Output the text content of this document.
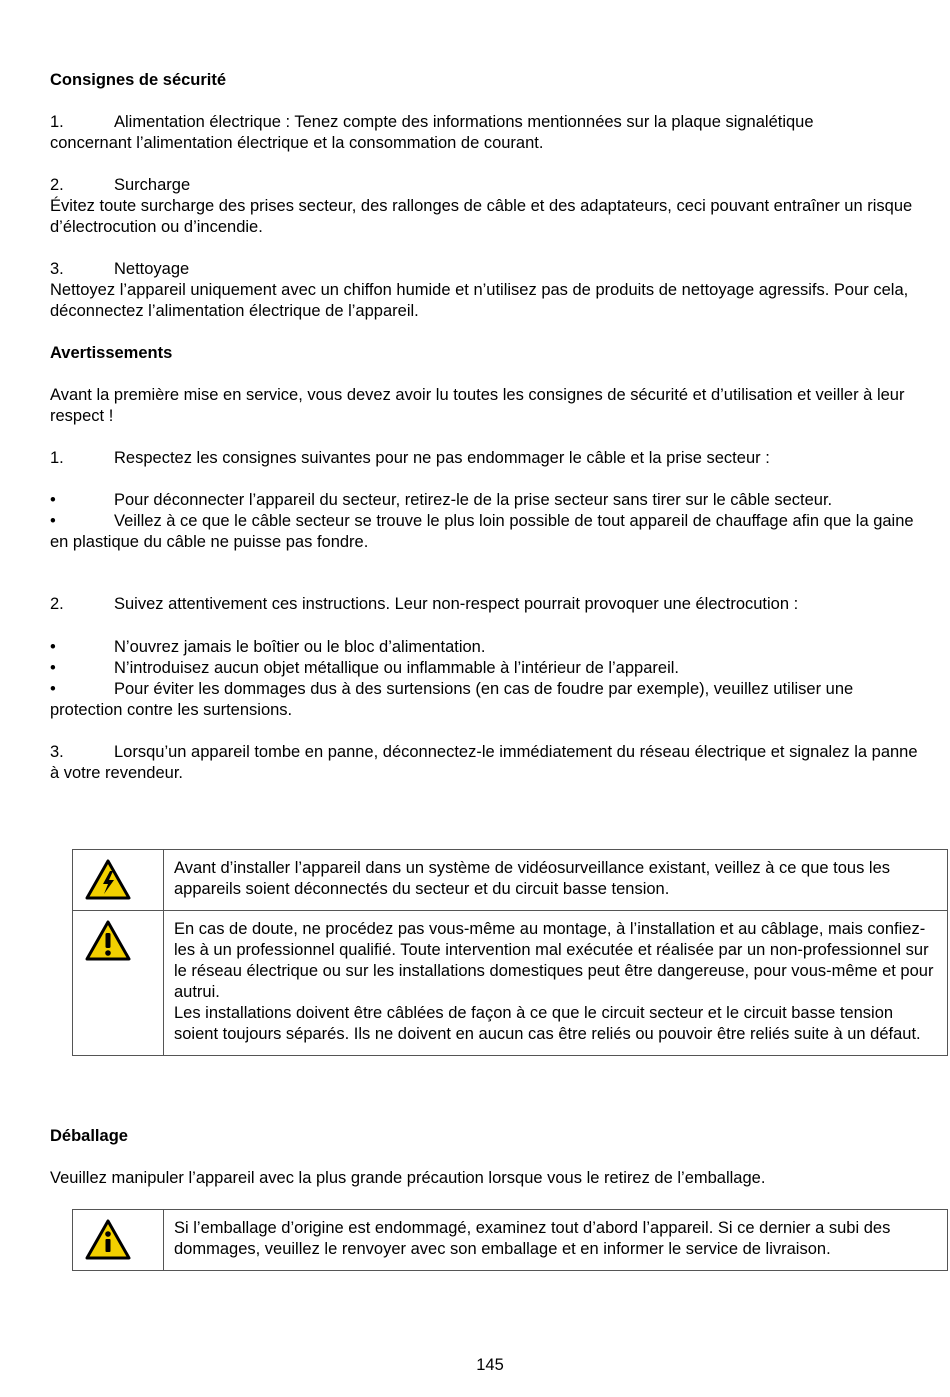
Consignes de sécurité

1.	Alimentation électrique : Tenez compte des informations mentionnées sur la plaque signalétique
concernant l’alimentation électrique et la consommation de courant.

2.	Surcharge
Évitez toute surcharge des prises secteur, des rallonges de câble et des adaptateurs, ceci pouvant entraîner un risque d’électrocution ou d’incendie.

3.	Nettoyage
Nettoyez l’appareil uniquement avec un chiffon humide et n’utilisez pas de produits de nettoyage agressifs. Pour cela, déconnectez l’alimentation électrique de l’appareil.

Avertissements

Avant la première mise en service, vous devez avoir lu toutes les consignes de sécurité et d’utilisation et veiller à leur respect !

1.	Respectez les consignes suivantes pour ne pas endommager le câble et la prise secteur :

•	Pour déconnecter l’appareil du secteur, retirez-le de la prise secteur sans tirer sur le câble secteur.

•	Veillez à ce que le câble secteur se trouve le plus loin possible de tout appareil de chauffage afin que la gaine en plastique du câble ne puisse pas fondre.

2.	Suivez attentivement ces instructions. Leur non-respect pourrait provoquer une électrocution :

•	N’ouvrez jamais le boîtier ou le bloc d’alimentation.

•	N’introduisez aucun objet métallique ou inflammable à l’intérieur de l’appareil.

•	Pour éviter les dommages dus à des surtensions (en cas de foudre par exemple), veuillez utiliser une protection contre les surtensions.

3.	Lorsqu’un appareil tombe en panne, déconnectez-le immédiatement du réseau électrique et signalez la panne à votre revendeur.

	Avant d’installer l’appareil dans un système de vidéosurveillance existant, veillez à ce que tous les appareils soient déconnectés du secteur et du circuit basse tension.

En cas de doute, ne procédez pas vous-même au montage, à l’installation et au câblage, mais confiez-les à un professionnel qualifié. Toute intervention mal exécutée et réalisée par un non-professionnel sur le réseau électrique ou sur les installations domestiques peut être dangereuse, pour vous-même et pour autrui.

Les installations doivent être câblées de façon à ce que le circuit secteur et le circuit basse tension soient toujours séparés. Ils ne doivent en aucun cas être reliés ou pouvoir être reliés suite à un défaut.

Déballage

Veuillez manipuler l’appareil avec la plus grande précaution lorsque vous le retirez de l’emballage.

	Si l’emballage d’origine est endommagé, examinez tout d’abord l’appareil. Si ce dernier a subi des dommages, veuillez le renvoyer avec son emballage et en informer le service de livraison.
145
